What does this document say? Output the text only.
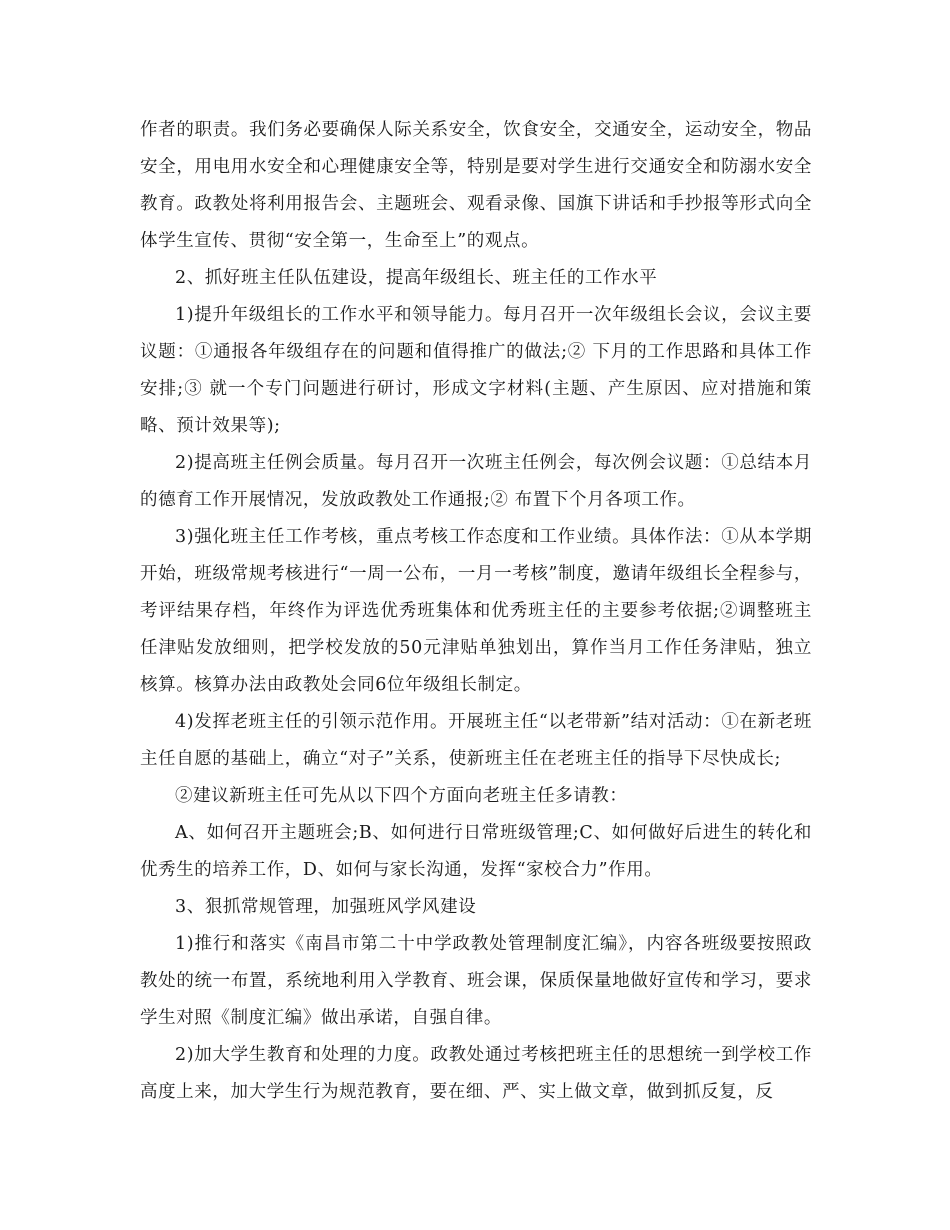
作者的职责。我们务必要确保人际关系安全，饮食安全，交通安全，运动安全，物品安全，用电用水安全和心理健康安全等，特别是要对学生进行交通安全和防溺水安全教育。政教处将利用报告会、主题班会、观看录像、国旗下讲话和手抄报等形式向全体学生宣传、贯彻“安全第一，生命至上”的观点。

2、抓好班主任队伍建设，提高年级组长、班主任的工作水平

1)提升年级组长的工作水平和领导能力。每月召开一次年级组长会议，会议主要议题：①通报各年级组存在的问题和值得推广的做法;② 下月的工作思路和具体工作安排;③ 就一个专门问题进行研讨，形成文字材料(主题、产生原因、应对措施和策略、预计效果等);

2)提高班主任例会质量。每月召开一次班主任例会，每次例会议题：①总结本月的德育工作开展情况，发放政教处工作通报;② 布置下个月各项工作。

3)强化班主任工作考核，重点考核工作态度和工作业绩。具体作法：①从本学期开始，班级常规考核进行“一周一公布，一月一考核”制度，邀请年级组长全程参与，考评结果存档，年终作为评选优秀班集体和优秀班主任的主要参考依据;②调整班主任津贴发放细则，把学校发放的50元津贴单独划出，算作当月工作任务津贴，独立核算。核算办法由政教处会同6位年级组长制定。

4)发挥老班主任的引领示范作用。开展班主任“以老带新”结对活动：①在新老班主任自愿的基础上，确立“对子”关系，使新班主任在老班主任的指导下尽快成长;

②建议新班主任可先从以下四个方面向老班主任多请教：

A、如何召开主题班会;B、如何进行日常班级管理;C、如何做好后进生的转化和优秀生的培养工作，D、如何与家长沟通，发挥“家校合力”作用。

3、狠抓常规管理，加强班风学风建设

1)推行和落实《南昌市第二十中学政教处管理制度汇编》，内容各班级要按照政教处的统一布置，系统地利用入学教育、班会课，保质保量地做好宣传和学习，要求学生对照《制度汇编》做出承诺，自强自律。

2)加大学生教育和处理的力度。政教处通过考核把班主任的思想统一到学校工作高度上来，加大学生行为规范教育，要在细、严、实上做文章，做到抓反复，反
